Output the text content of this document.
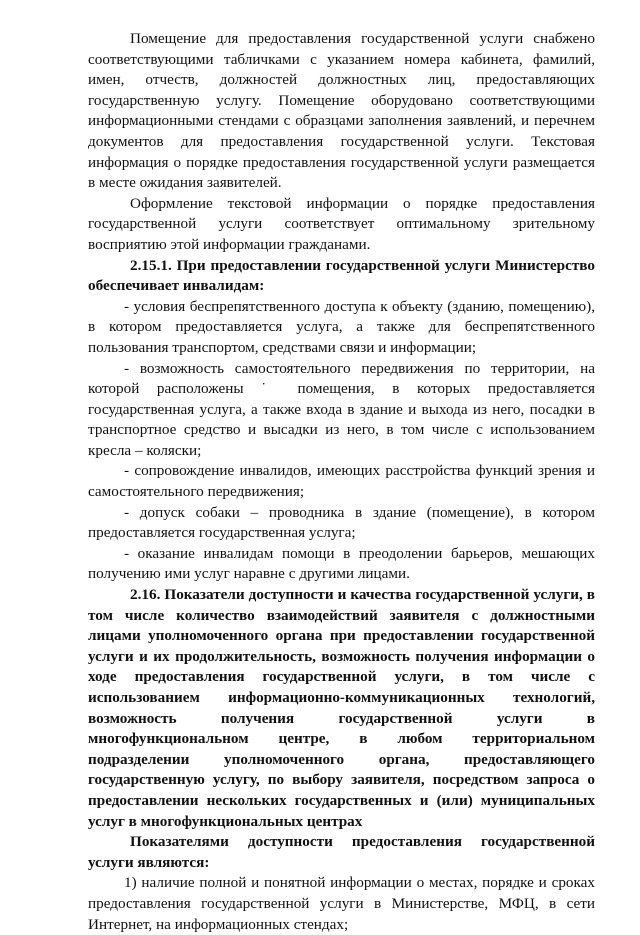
Помещение для предоставления государственной услуги снабжено соответствующими табличками с указанием номера кабинета, фамилий, имен, отчеств, должностей должностных лиц, предоставляющих государственную услугу. Помещение оборудовано соответствующими информационными стендами с образцами заполнения заявлений, и перечнем документов для предоставления государственной услуги. Текстовая информация о порядке предоставления государственной услуги размещается в месте ожидания заявителей.

Оформление текстовой информации о порядке предоставления государственной услуги соответствует оптимальному зрительному восприятию этой информации гражданами.

2.15.1. При предоставлении государственной услуги Министерство обеспечивает инвалидам:

- условия беспрепятственного доступа к объекту (зданию, помещению), в котором предоставляется услуга, а также для беспрепятственного пользования транспортом, средствами связи и информации;

- возможность самостоятельного передвижения по территории, на которой расположены ˙ помещения, в которых предоставляется государственная услуга, а также входа в здание и выхода из него, посадки в транспортное средство и высадки из него, в том числе с использованием кресла – коляски;

- сопровождение инвалидов, имеющих расстройства функций зрения и самостоятельного передвижения;

- допуск собаки – проводника в здание (помещение), в котором предоставляется государственная услуга;

- оказание инвалидам помощи в преодолении барьеров, мешающих получению ими услуг наравне с другими лицами.

2.16. Показатели доступности и качества государственной услуги, в том числе количество взаимодействий заявителя с должностными лицами уполномоченного органа при предоставлении государственной услуги и их продолжительность, возможность получения информации о ходе предоставления государственной услуги, в том числе с использованием информационно-коммуникационных технологий, возможность получения государственной услуги в многофункциональном центре, в любом территориальном подразделении уполномоченного органа, предоставляющего государственную услугу, по выбору заявителя, посредством запроса о предоставлении нескольких государственных и (или) муниципальных услуг в многофункциональных центрах

Показателями доступности предоставления государственной услуги являются:

1) наличие полной и понятной информации о местах, порядке и сроках предоставления государственной услуги в Министерстве, МФЦ, в сети Интернет, на информационных стендах;
